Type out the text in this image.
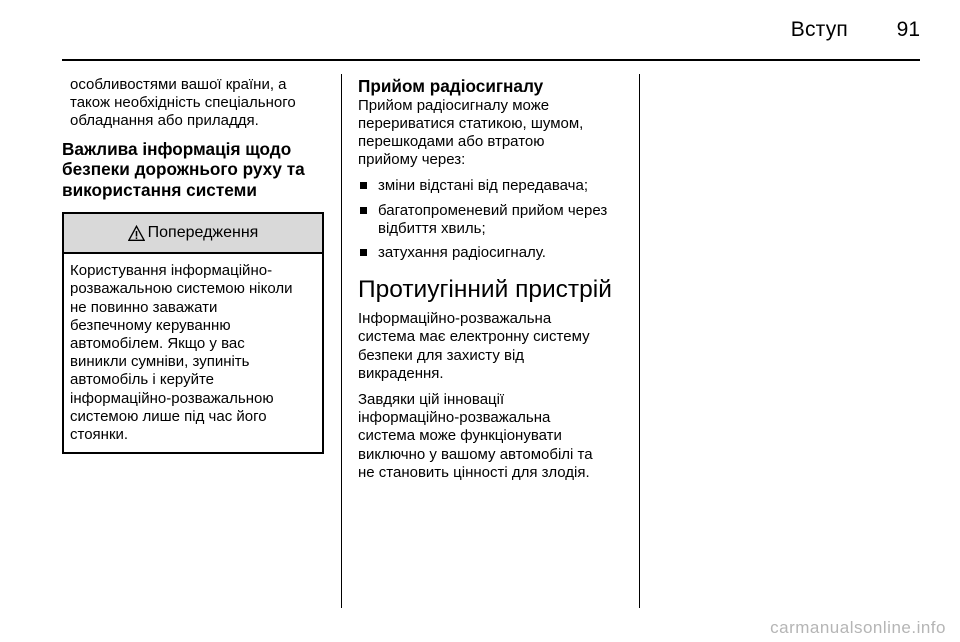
Вступ 91

особливостями вашої країни, а

також необхідність спеціального

обладнання або приладдя.

Важлива інформація щодо
безпеки дорожнього руху та
використання системи
Попередження

Користування інформаційно-

розважальною системою ніколи

не повинно заважати

безпечному керуванню

автомобілем. Якщо у вас

виникли сумніви, зупиніть

автомобіль і керуйте

інформаційно-розважальною

системою лише під час його

стоянки.

Прийом радіосигналу

Прийом радіосигналу може

перериватися статикою, шумом,

перешкодами або втратою

прийому через:

зміни відстані від передавача;
багатопроменевий прийом через
відбиття хвиль;
затухання радіосигналу.
Протиугінний пристрій

Інформаційно-розважальна

система має електронну систему

безпеки для захисту від

викрадення.

Завдяки цій інновації

інформаційно-розважальна

система може функціонувати

виключно у вашому автомобілі та

не становить цінності для злодія.

carmanualsonline.info
